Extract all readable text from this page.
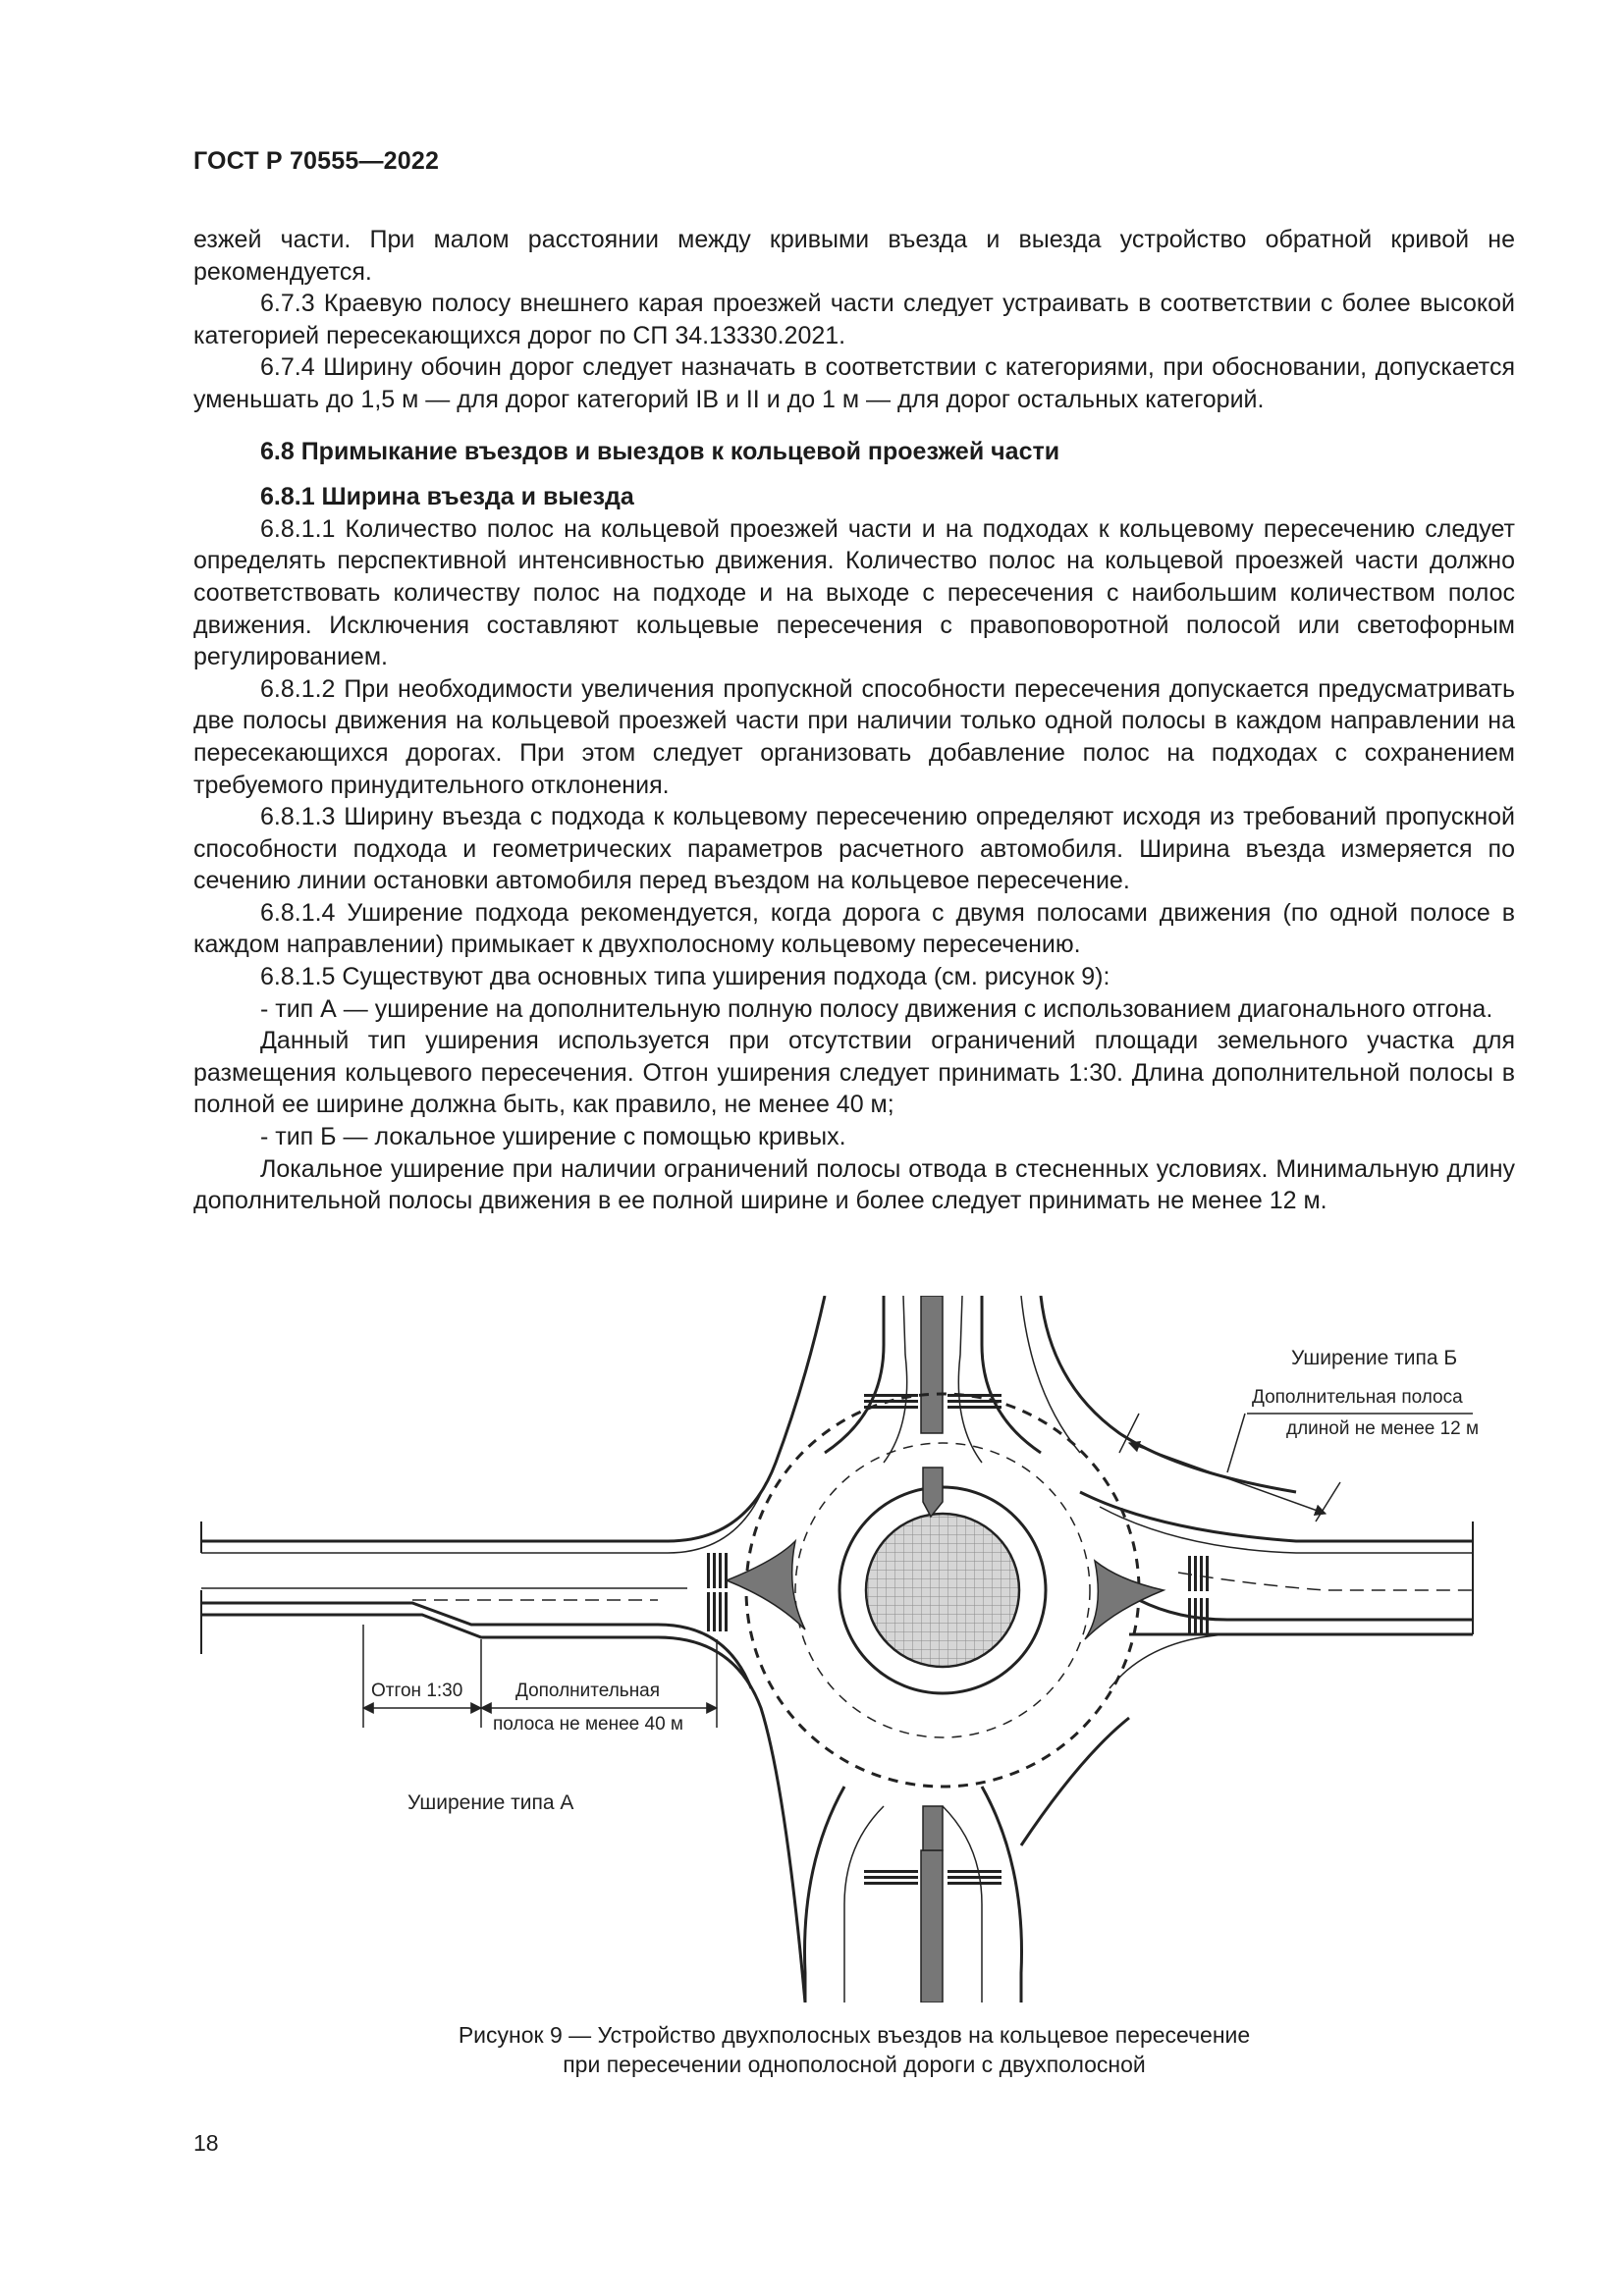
ГОСТ Р 70555—2022

езжей части. При малом расстоянии между кривыми въезда и выезда устройство обратной кривой не рекомендуется.

6.7.3 Краевую полосу внешнего карая проезжей части следует устраивать в соответствии с более высокой категорией пересекающихся дорог по СП 34.13330.2021.

6.7.4 Ширину обочин дорог следует назначать в соответствии с категориями, при обосновании, допускается уменьшать до 1,5 м — для дорог категорий IВ и II и до 1 м — для дорог остальных категорий.

6.8 Примыкание въездов и выездов к кольцевой проезжей части
6.8.1 Ширина въезда и выезда

6.8.1.1 Количество полос на кольцевой проезжей части и на подходах к кольцевому пересечению следует определять перспективной интенсивностью движения. Количество полос на кольцевой проезжей части должно соответствовать количеству полос на подходе и на выходе с пересечения с наибольшим количеством полос движения. Исключения составляют кольцевые пересечения с правоповоротной полосой или светофорным регулированием.

6.8.1.2 При необходимости увеличения пропускной способности пересечения допускается предусматривать две полосы движения на кольцевой проезжей части при наличии только одной полосы в каждом направлении на пересекающихся дорогах. При этом следует организовать добавление полос на подходах с сохранением требуемого принудительного отклонения.

6.8.1.3 Ширину въезда с подхода к кольцевому пересечению определяют исходя из требований пропускной способности подхода и геометрических параметров расчетного автомобиля. Ширина въезда измеряется по сечению линии остановки автомобиля перед въездом на кольцевое пересечение.

6.8.1.4 Уширение подхода рекомендуется, когда дорога с двумя полосами движения (по одной полосе в каждом направлении) примыкает к двухполосному кольцевому пересечению.

6.8.1.5 Существуют два основных типа уширения подхода (см. рисунок 9):

- тип А — уширение на дополнительную полную полосу движения с использованием диагонального отгона.

Данный тип уширения используется при отсутствии ограничений площади земельного участка для размещения кольцевого пересечения. Отгон уширения следует принимать 1:30. Длина дополнительной полосы в полной ее ширине должна быть, как правило, не менее 40 м;

- тип Б — локальное уширение с помощью кривых.

Локальное уширение при наличии ограничений полосы отвода в стесненных условиях. Минимальную длину дополнительной полосы движения в ее полной ширине и более следует принимать не менее 12 м.

Уширение типа Б
Дополнительная полоса
длиной не менее 12 м
Отгон 1:30	Дополнительная
полоса не менее 40 м
Уширение типа А
Рисунок 9 — Устройство двухполосных въездов на кольцевое пересечение
при пересечении однополосной дороги с двухполосной
18
